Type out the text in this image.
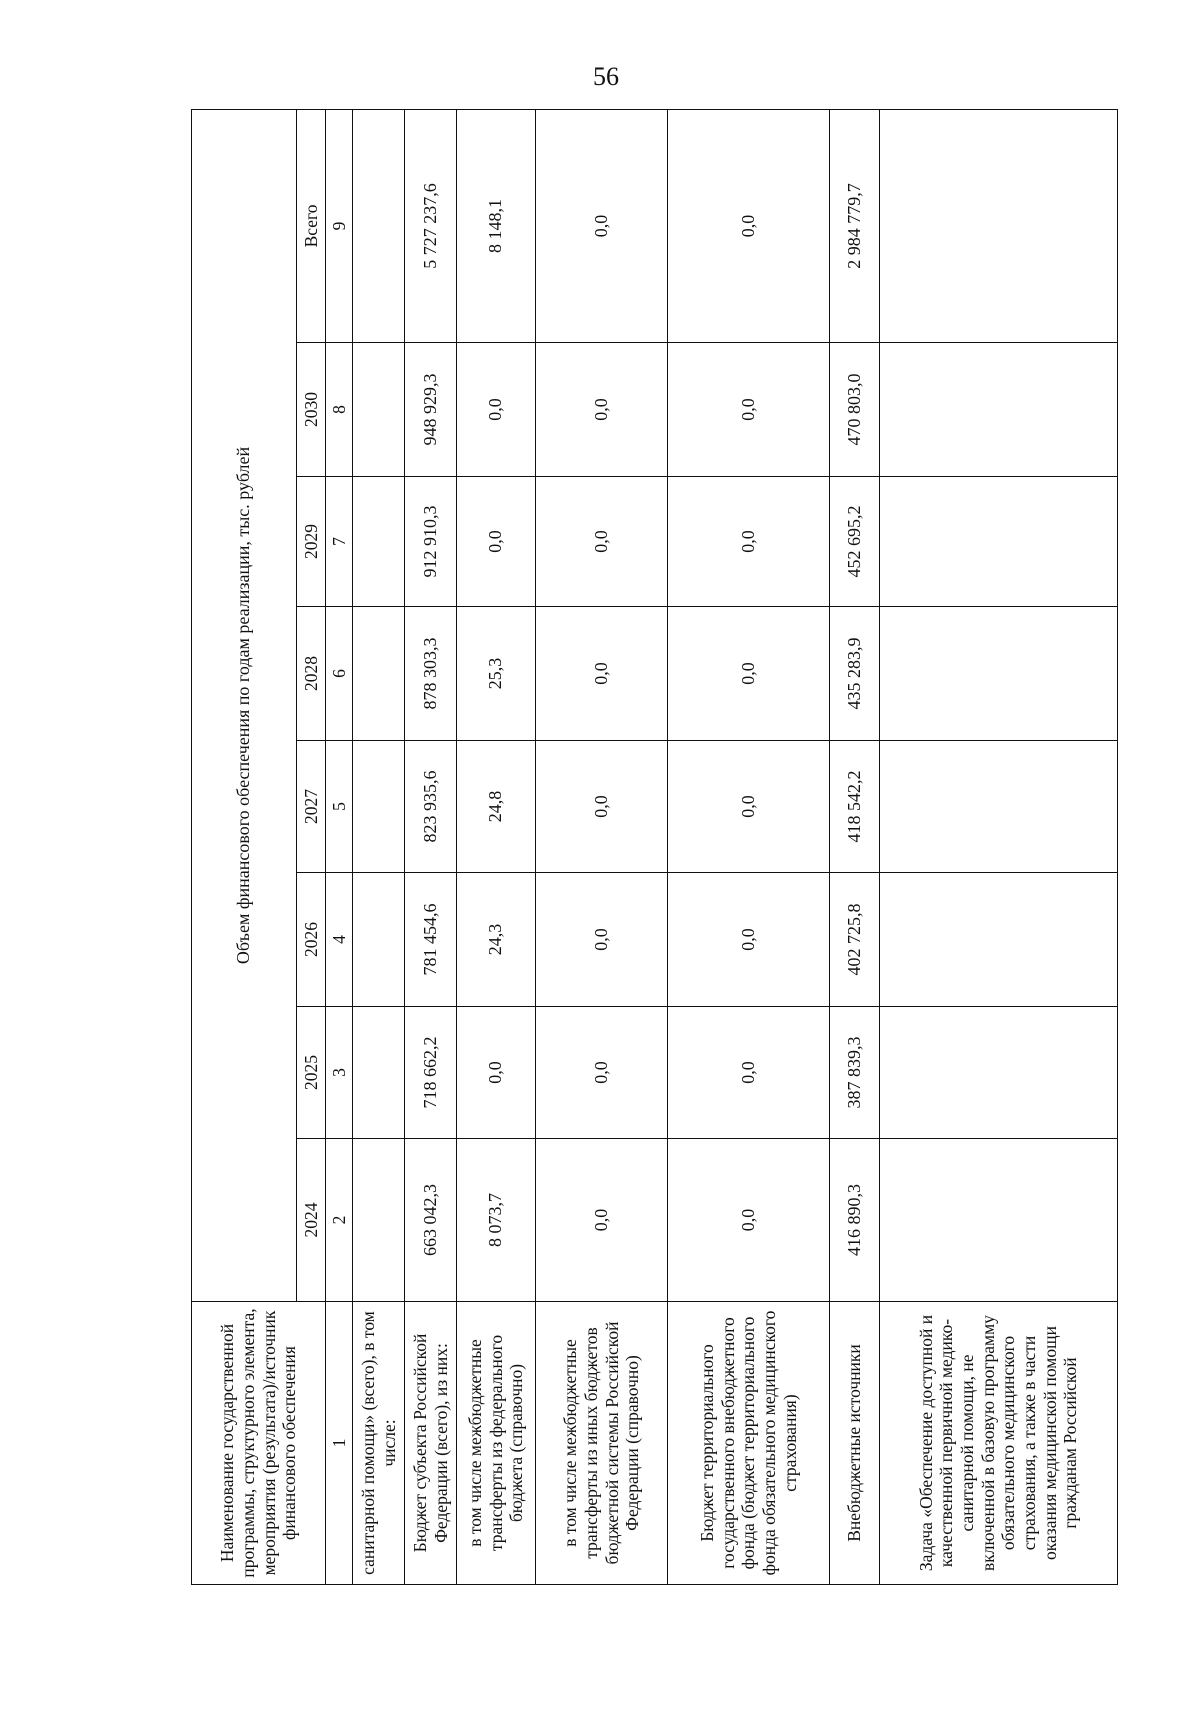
56
Наименование государственной программы, структурного элемента, мероприятия (результата)/источник финансового обеспечения	Объем финансового обеспечения по годам реализации, тыс. рублей							
	2024	2025	2026	2027	2028	2029	2030	Всего
1	2	3	4	5	6	7	8	9
санитарной помощи» (всего), в том числе:								
Бюджет субъекта Российской Федерации (всего), из них:	663 042,3	718 662,2	781 454,6	823 935,6	878 303,3	912 910,3	948 929,3	5 727 237,6
в том числе межбюджетные трансферты из федерального бюджета (справочно)	8 073,7	0,0	24,3	24,8	25,3	0,0	0,0	8 148,1
в том числе межбюджетные трансферты из иных бюджетов бюджетной системы Российской Федерации (справочно)	0,0	0,0	0,0	0,0	0,0	0,0	0,0	0,0
Бюджет территориального государственного внебюджетного фонда (бюджет территориального фонда обязательного медицинского страхования)	0,0	0,0	0,0	0,0	0,0	0,0	0,0	0,0
Внебюджетные источники	416 890,3	387 839,3	402 725,8	418 542,2	435 283,9	452 695,2	470 803,0	2 984 779,7
Задача «Обеспечение доступной и качественной первичной медико-санитарной помощи, не включенной в базовую программу обязательного медицинского страхования, а также в части оказания медицинской помощи гражданам Российской								
